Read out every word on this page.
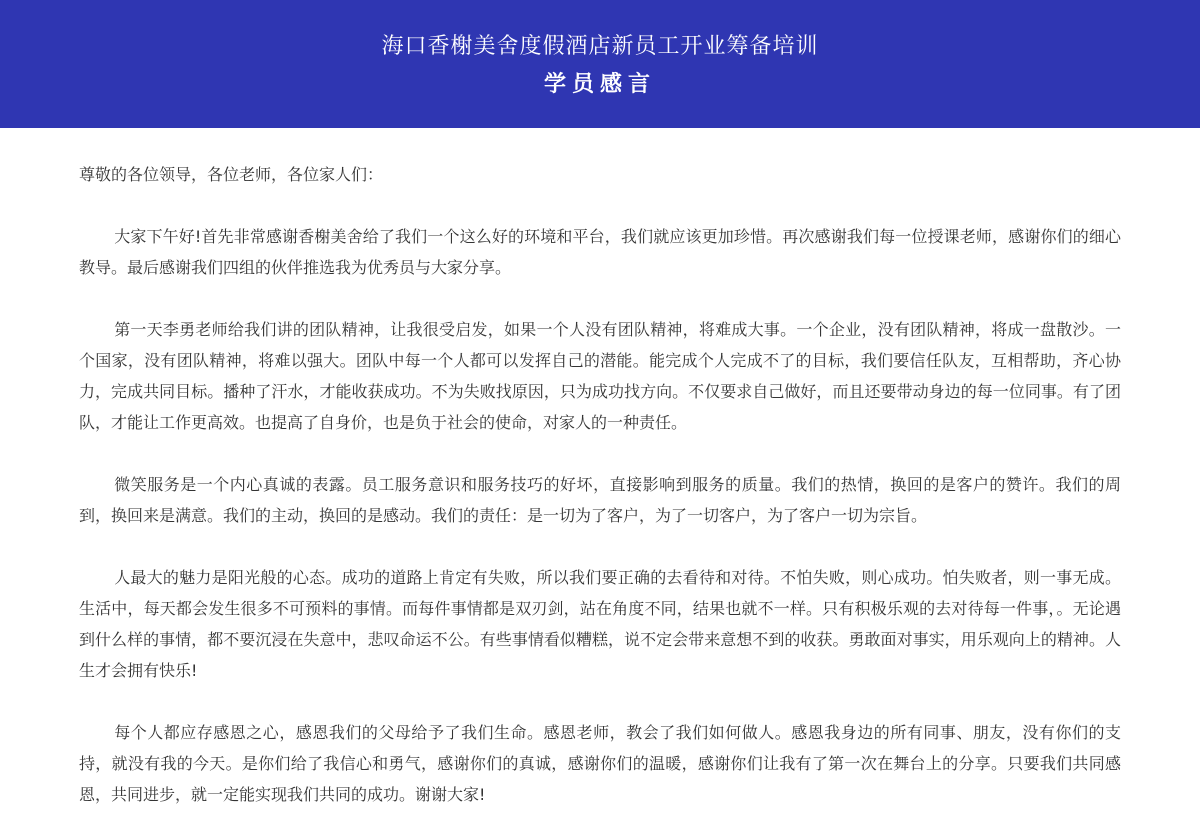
海口香榭美舍度假酒店新员工开业筹备培训
学员感言

尊敬的各位领导，各位老师，各位家人们：

大家下午好!首先非常感谢香榭美舍给了我们一个这么好的环境和平台，我们就应该更加珍惜。再次感谢我们每一位授课老师，感谢你们的细心教导。最后感谢我们四组的伙伴推选我为优秀员与大家分享。

第一天李勇老师给我们讲的团队精神，让我很受启发，如果一个人没有团队精神，将难成大事。一个企业，没有团队精神，将成一盘散沙。一个国家，没有团队精神，将难以强大。团队中每一个人都可以发挥自己的潜能。能完成个人完成不了的目标，我们要信任队友，互相帮助，齐心协力，完成共同目标。播种了汗水，才能收获成功。不为失败找原因，只为成功找方向。不仅要求自己做好，而且还要带动身边的每一位同事。有了团队，才能让工作更高效。也提高了自身价，也是负于社会的使命，对家人的一种责任。

微笑服务是一个内心真诚的表露。员工服务意识和服务技巧的好坏，直接影响到服务的质量。我们的热情，换回的是客户的赞许。我们的周到，换回来是满意。我们的主动，换回的是感动。我们的责任：是一切为了客户，为了一切客户，为了客户一切为宗旨。

人最大的魅力是阳光般的心态。成功的道路上肯定有失败，所以我们要正确的去看待和对待。不怕失败，则心成功。怕失败者，则一事无成。生活中，每天都会发生很多不可预料的事情。而每件事情都是双刃剑，站在角度不同，结果也就不一样。只有积极乐观的去对待每一件事，。无论遇到什么样的事情，都不要沉浸在失意中，悲叹命运不公。有些事情看似糟糕，说不定会带来意想不到的收获。勇敢面对事实，用乐观向上的精神。人生才会拥有快乐!

每个人都应存感恩之心，感恩我们的父母给予了我们生命。感恩老师，教会了我们如何做人。感恩我身边的所有同事、朋友，没有你们的支持，就没有我的今天。是你们给了我信心和勇气，感谢你们的真诚，感谢你们的温暖，感谢你们让我有了第一次在舞台上的分享。只要我们共同感恩，共同进步，就一定能实现我们共同的成功。谢谢大家!
